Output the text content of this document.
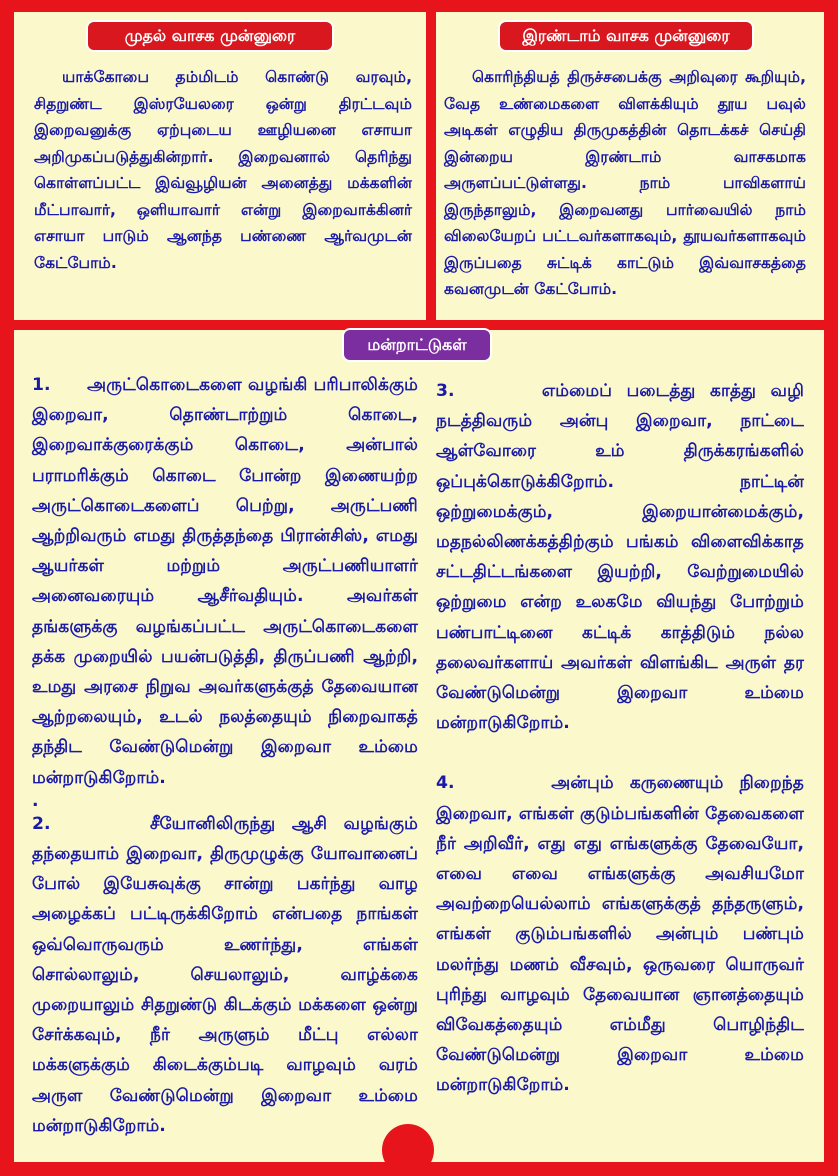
முதல் வாசக முன்னுரை	இரண்டாம் வாசக முன்னுரை
யாக்கோபை தம்மிடம் கொண்டு வரவும், சிதறுண்ட இஸ்ரயேலரை ஒன்று திரட்டவும் இறைவனுக்கு ஏற்புடைய ஊழியனை எசாயா அறிமுகப்படுத்துகின்றார். இறைவனால் தெரிந்து கொள்ளப்பட்ட இவ்வூழியன் அனைத்து மக்களின் மீட்பாவார், ஒளியாவார் என்று இறைவாக்கினர் எசாயா பாடும் ஆனந்த பண்ணை ஆர்வமுடன் கேட்போம்.
கொரிந்தியத் திருச்சபைக்கு அறிவுரை கூறியும், வேத உண்மைகளை விளக்கியும் தூய பவுல் அடிகள் எழுதிய திருமுகத்தின் தொடக்கச் செய்தி இன்றைய இரண்டாம் வாசகமாக அருளப்பட்டுள்ளது. நாம் பாவிகளாய் இருந்தாலும், இறைவனது பார்வையில் நாம் விலையேறப் பட்டவர்களாகவும், தூயவர்களாகவும் இருப்பதை சுட்டிக் காட்டும் இவ்வாசகத்தை கவனமுடன் கேட்போம்.
மன்றாட்டுகள்

1.      அருட்கொடைகளை வழங்கி பரிபாலிக்கும் இறைவா, தொண்டாற்றும் கொடை, இறைவாக்குரைக்கும் கொடை, அன்பால் பராமரிக்கும் கொடை போன்ற இணையற்ற அருட்கொடைகளைப் பெற்று, அருட்பணி ஆற்றிவரும் எமது திருத்தந்தை பிரான்சிஸ், எமது ஆயர்கள் மற்றும் அருட்பணியாளர் அனைவரையும் ஆசீர்வதியும். அவர்கள் தங்களுக்கு வழங்கப்பட்ட அருட்கொடைகளை தக்க முறையில் பயன்படுத்தி, திருப்பணி ஆற்றி, உமது அரசை நிறுவ அவர்களுக்குத் தேவையான ஆற்றலையும், உடல் நலத்தையும் நிறைவாகத் தந்திட வேண்டுமென்று இறைவா உம்மை மன்றாடுகிறோம்.

.

2.      சீயோனிலிருந்து ஆசி வழங்கும் தந்தையாம் இறைவா, திருமுழுக்கு யோவானைப் போல் இயேசுவுக்கு சான்று பகர்ந்து வாழ அழைக்கப் பட்டிருக்கிறோம் என்பதை நாங்கள் ஒவ்வொருவரும் உணர்ந்து, எங்கள் சொல்லாலும், செயலாலும், வாழ்க்கை முறையாலும் சிதறுண்டு கிடக்கும் மக்களை ஒன்று சேர்க்கவும், நீர் அருளும் மீட்பு எல்லா மக்களுக்கும் கிடைக்கும்படி வாழவும் வரம் அருள வேண்டுமென்று இறைவா உம்மை மன்றாடுகிறோம்.

3.      எம்மைப் படைத்து காத்து வழி நடத்திவரும் அன்பு இறைவா, நாட்டை ஆள்வோரை உம் திருக்கரங்களில் ஒப்புக்கொடுக்கிறோம். நாட்டின் ஒற்றுமைக்கும், இறையான்மைக்கும், மதநல்லிணக்கத்திற்கும் பங்கம் விளைவிக்காத சட்டதிட்டங்களை இயற்றி, வேற்றுமையில் ஒற்றுமை என்ற உலகமே வியந்து போற்றும் பண்பாட்டினை கட்டிக் காத்திடும் நல்ல தலைவர்களாய் அவர்கள் விளங்கிட அருள் தர வேண்டுமென்று இறைவா உம்மை மன்றாடுகிறோம்.

4.      அன்பும் கருணையும் நிறைந்த இறைவா, எங்கள் குடும்பங்களின் தேவைகளை நீர் அறிவீர், எது எது எங்களுக்கு தேவையோ, எவை எவை எங்களுக்கு அவசியமோ அவற்றையெல்லாம் எங்களுக்குத் தந்தருளும், எங்கள் குடும்பங்களில் அன்பும் பண்பும் மலர்ந்து மணம் வீசவும், ஒருவரை யொருவர் புரிந்து வாழவும் தேவையான ஞானத்தையும் விவேகத்தையும் எம்மீது பொழிந்திட வேண்டுமென்று இறைவா உம்மை மன்றாடுகிறோம்.
